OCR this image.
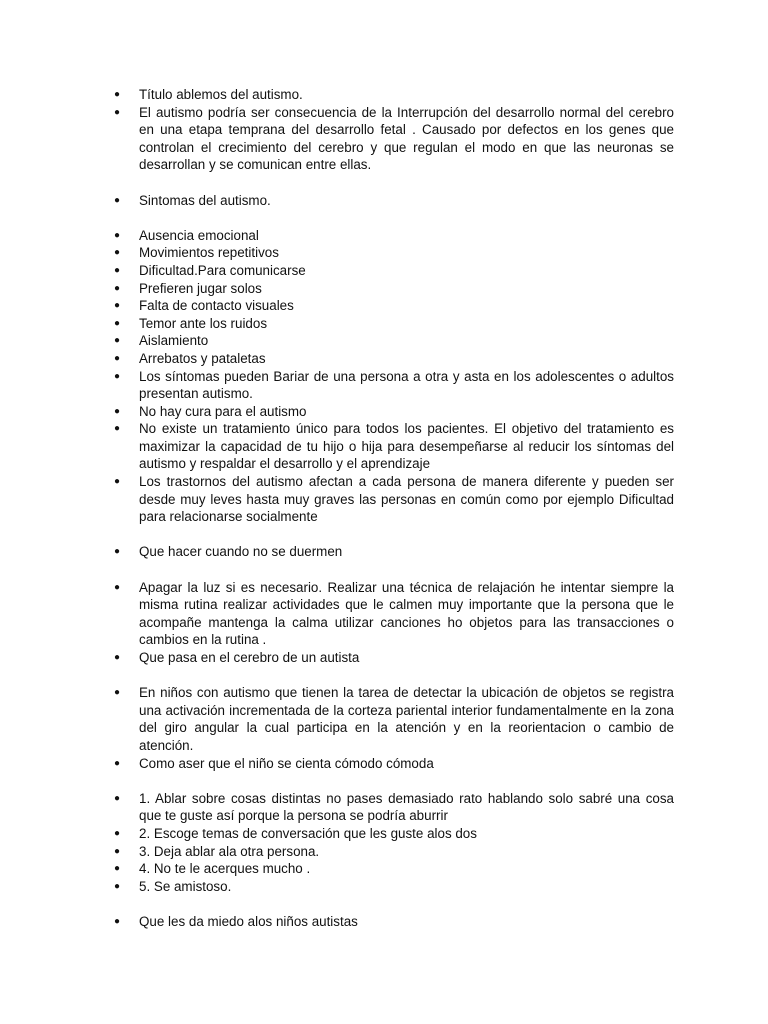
● Título ablemos del autismo.
● El autismo podría ser consecuencia de la Interrupción del desarrollo normal del cerebro en una etapa temprana del desarrollo fetal . Causado por defectos en los genes que controlan el crecimiento del cerebro y que regulan el modo en que las neuronas se desarrollan y se comunican entre ellas.
● Sintomas del autismo.
● Ausencia emocional
● Movimientos repetitivos
● Dificultad.Para comunicarse
● Prefieren jugar solos
● Falta de contacto visuales
● Temor ante los ruidos
● Aislamiento
● Arrebatos y pataletas
● Los síntomas pueden Bariar de una persona a otra y asta en los adolescentes o adultos presentan autismo.
● No hay cura para el autismo
● No existe un tratamiento único para todos los pacientes. El objetivo del tratamiento es maximizar la capacidad de tu hijo o hija para desempeñarse al reducir los síntomas del autismo y respaldar el desarrollo y el aprendizaje
● Los trastornos del autismo afectan a cada persona de manera diferente y pueden ser desde muy leves hasta muy graves las personas en común como por ejemplo Dificultad para relacionarse socialmente
● Que hacer cuando no se duermen
● Apagar la luz si es necesario. Realizar una técnica de relajación he intentar siempre la misma rutina realizar actividades que le calmen muy importante que la persona que le acompañe mantenga la calma utilizar canciones ho objetos para las transacciones o cambios en la rutina .
● Que pasa en el cerebro de un autista
● En niños con autismo que tienen la tarea de detectar la ubicación de objetos se registra una activación incrementada de la corteza pariental interior fundamentalmente en la zona del giro angular la cual participa en la atención y en la reorientacion o cambio de atención.
● Como aser que el niño se cienta cómodo cómoda
● 1. Ablar sobre cosas distintas no pases demasiado rato hablando solo sabré una cosa que te guste así porque la persona se podría aburrir
● 2. Escoge temas de conversación que les guste alos dos
● 3. Deja ablar ala otra persona.
● 4. No te le acerques mucho .
● 5. Se amistoso.
● Que les da miedo alos niños autistas
